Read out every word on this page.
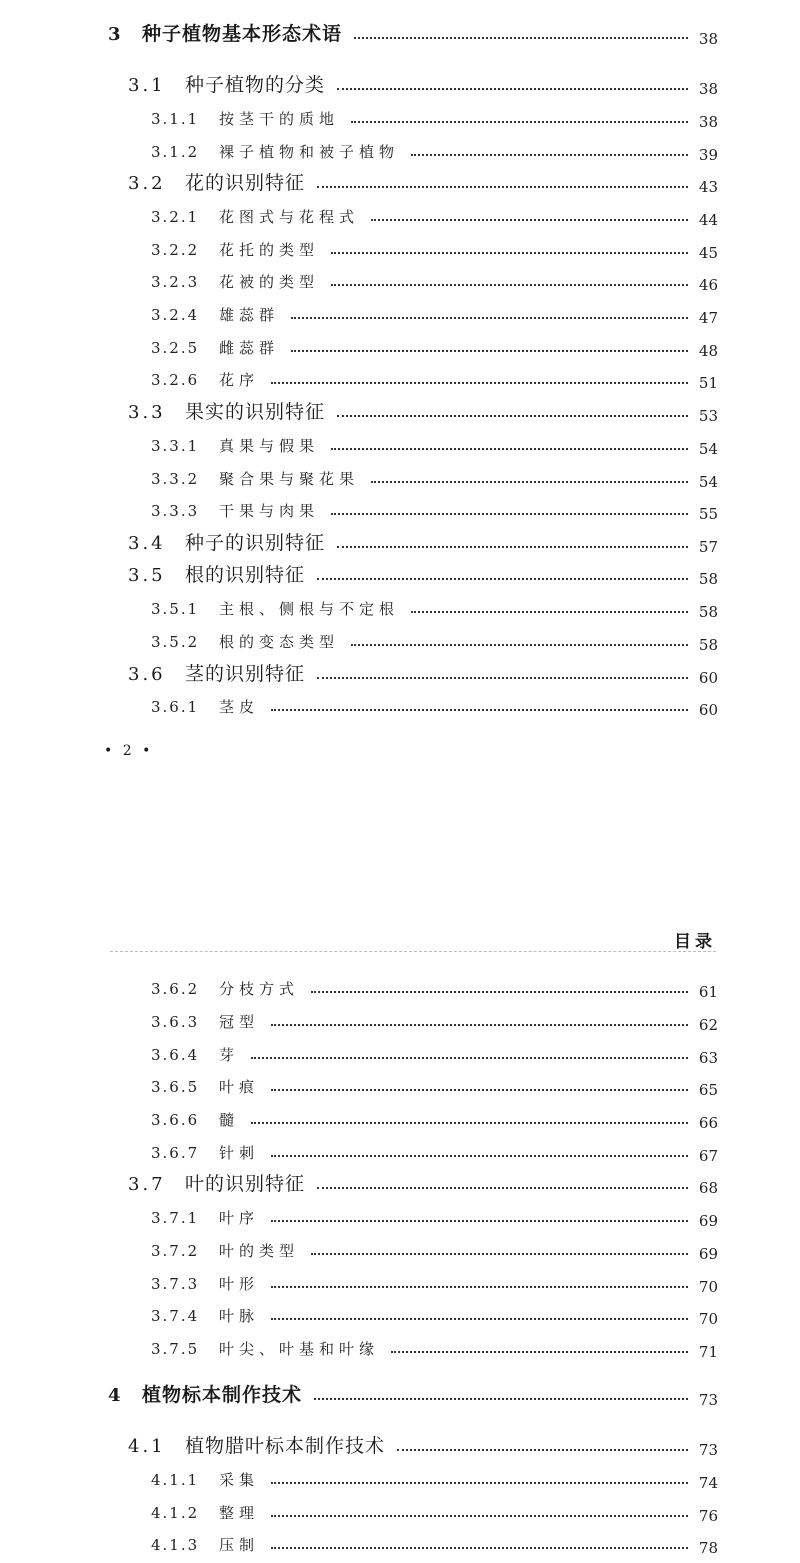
3 种子植物基本形态术语	38
3.1 种子植物的分类	38
3.1.1 按茎干的质地	38
3.1.2 裸子植物和被子植物	39
3.2 花的识别特征	43
3.2.1 花图式与花程式	44
3.2.2 花托的类型	45
3.2.3 花被的类型	46
3.2.4 雄蕊群	47
3.2.5 雌蕊群	48
3.2.6 花序	51
3.3 果实的识别特征	53
3.3.1 真果与假果	54
3.3.2 聚合果与聚花果	54
3.3.3 干果与肉果	55
3.4 种子的识别特征	57
3.5 根的识别特征	58
3.5.1 主根、侧根与不定根	58
3.5.2 根的变态类型	58
3.6 茎的识别特征	60
3.6.1 茎皮	60
• 2 •
目录
3.6.2 分枝方式	61
3.6.3 冠型	62
3.6.4 芽	63
3.6.5 叶痕	65
3.6.6 髓	66
3.6.7 针刺	67
3.7 叶的识别特征	68
3.7.1 叶序	69
3.7.2 叶的类型	69
3.7.3 叶形	70
3.7.4 叶脉	70
3.7.5 叶尖、叶基和叶缘	71
4 植物标本制作技术	73
4.1 植物腊叶标本制作技术	73
4.1.1 采集	74
4.1.2 整理	76
4.1.3 压制	78
